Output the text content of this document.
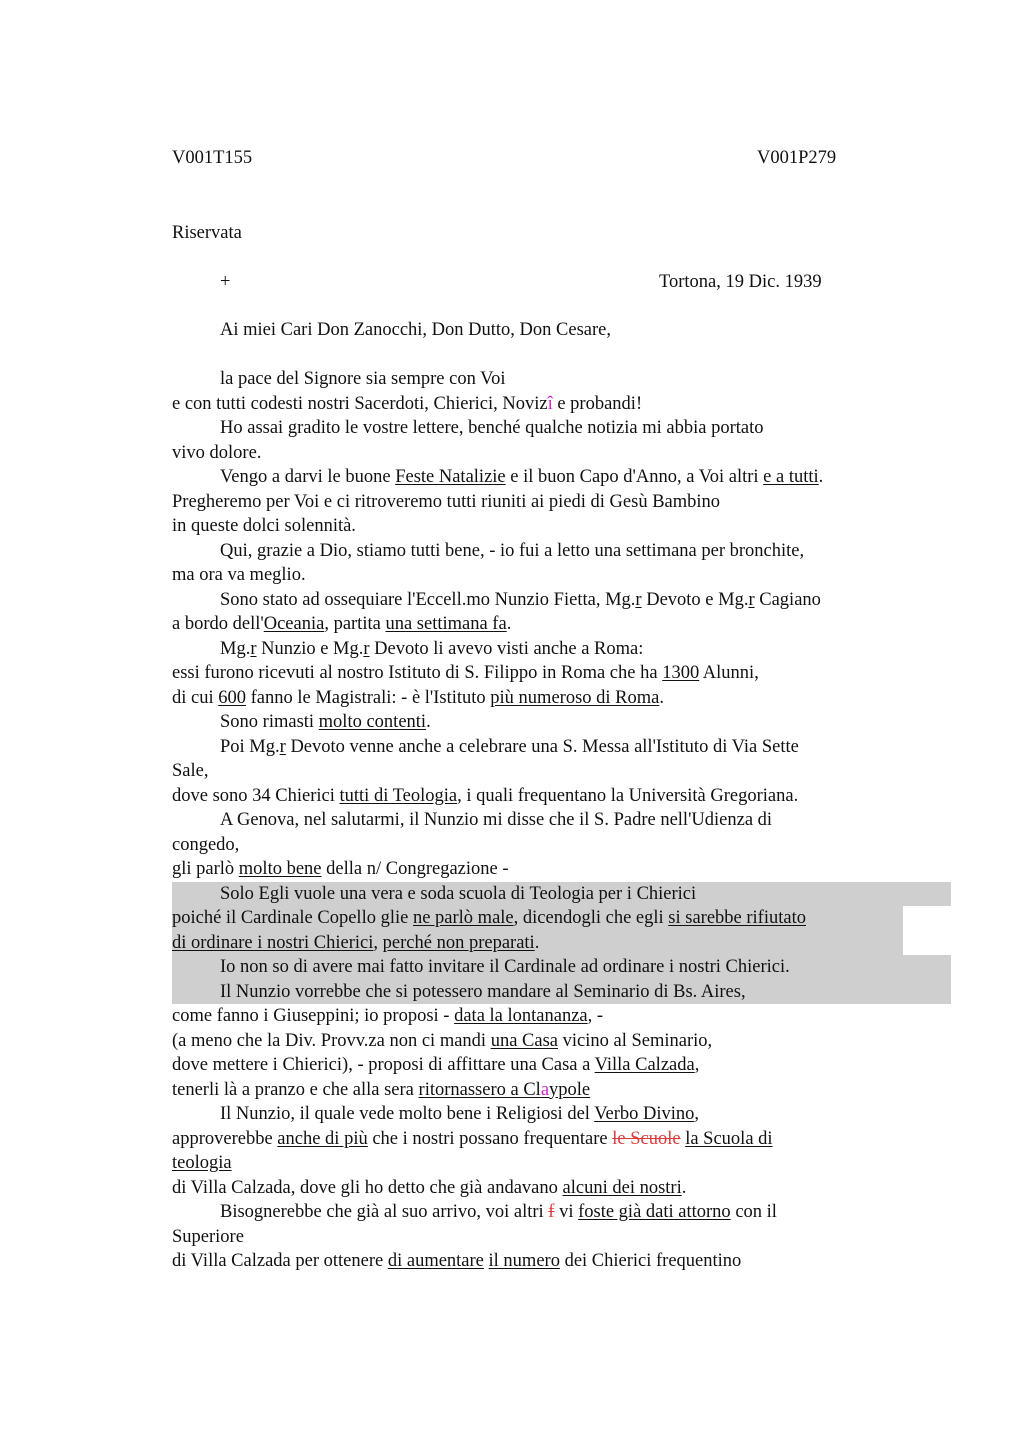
V001T155	V001P279
Riservata
+	Tortona, 19 Dic. 1939
Ai miei Cari Don Zanocchi, Don Dutto, Don Cesare,
la pace del Signore sia sempre con Voi
e con tutti codesti nostri Sacerdoti, Chierici, Novizî e probandi!
Ho assai gradito le vostre lettere, benché qualche notizia mi abbia portato
vivo dolore.
Vengo a darvi le buone Feste Natalizie e il buon Capo d'Anno, a Voi altri e a tutti.
Pregheremo per Voi e ci ritroveremo tutti riuniti ai piedi di Gesù Bambino
in queste dolci solennità.
Qui, grazie a Dio, stiamo tutti bene, - io fui a letto una settimana per bronchite,
ma ora va meglio.
Sono stato ad ossequiare l'Eccell.mo Nunzio Fietta, Mg.r Devoto e Mg.r Cagiano
a bordo dell'Oceania, partita una settimana fa.
Mg.r Nunzio e Mg.r Devoto li avevo visti anche a Roma:
essi furono ricevuti al nostro Istituto di S. Filippo in Roma che ha 1300 Alunni,
di cui 600 fanno le Magistrali: - è l'Istituto più numeroso di Roma.
Sono rimasti molto contenti.
Poi Mg.r Devoto venne anche a celebrare una S. Messa all'Istituto di Via Sette
Sale,
dove sono 34 Chierici tutti di Teologia, i quali frequentano la Università Gregoriana.
A Genova, nel salutarmi, il Nunzio mi disse che il S. Padre nell'Udienza di
congedo,
gli parlò molto bene della n/ Congregazione -
Solo Egli vuole una vera e soda scuola di Teologia per i Chierici
poiché il Cardinale Copello glie ne parlò male, dicendogli che egli si sarebbe rifiutato
di ordinare i nostri Chierici, perché non preparati.
Io non so di avere mai fatto invitare il Cardinale ad ordinare i nostri Chierici.
Il Nunzio vorrebbe che si potessero mandare al Seminario di Bs. Aires,
come fanno i Giuseppini; io proposi - data la lontananza, -
(a meno che la Div. Provv.za non ci mandi una Casa vicino al Seminario,
dove mettere i Chierici), - proposi di affittare una Casa a Villa Calzada,
tenerli là a pranzo e che alla sera ritornassero a Claypole
Il Nunzio, il quale vede molto bene i Religiosi del Verbo Divino,
approverebbe anche di più che i nostri possano frequentare le Scuole la Scuola di
teologia
di Villa Calzada, dove gli ho detto che già andavano alcuni dei nostri.
Bisognerebbe che già al suo arrivo, voi altri f vi foste già dati attorno con il
Superiore
di Villa Calzada per ottenere di aumentare il numero dei Chierici frequentino
